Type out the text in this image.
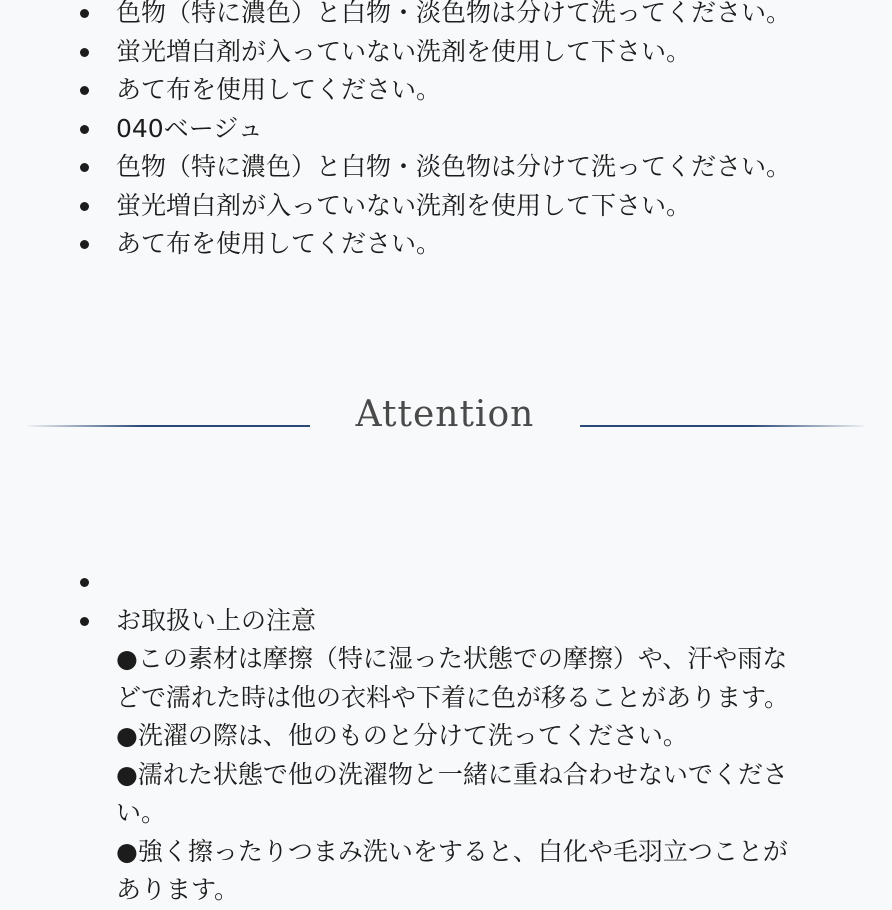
色物（特に濃色）と白物・淡色物は分けて洗ってください。
蛍光増白剤が入っていない洗剤を使用して下さい。
あて布を使用してください。
040ベージュ
色物（特に濃色）と白物・淡色物は分けて洗ってください。
蛍光増白剤が入っていない洗剤を使用して下さい。
あて布を使用してください。
Attention
お取扱い上の注意
●この素材は摩擦（特に湿った状態での摩擦）や、汗や雨な
どで濡れた時は他の衣料や下着に色が移ることがあります。
●洗濯の際は、他のものと分けて洗ってください。
●濡れた状態で他の洗濯物と一緒に重ね合わせないでくださ
い。
●強く擦ったりつまみ洗いをすると、白化や毛羽立つことが
あります。
